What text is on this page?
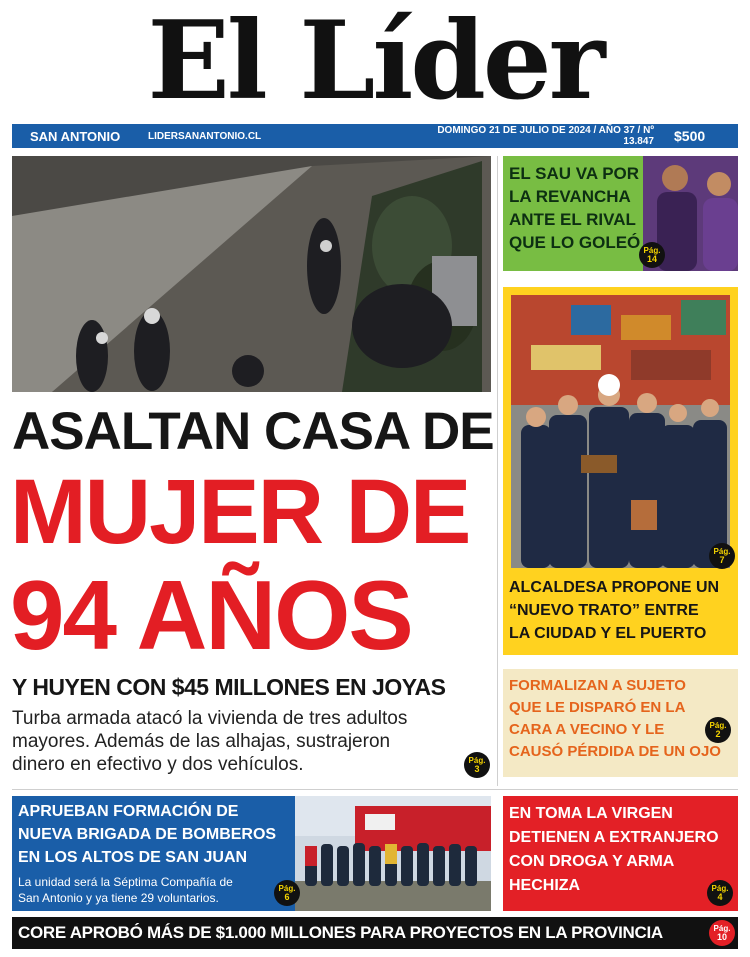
El Líder
SAN ANTONIO	LIDERSANANTONIO.CL	DOMINGO 21 DE JULIO DE 2024 / AÑO 37 / Nº 13.847 $500
ASALTAN CASA DE
MUJER DE
94 AÑOS
Y HUYEN CON $45 MILLONES EN JOYAS
Turba armada atacó la vivienda de tres adultos
mayores. Además de las alhajas, sustrajeron
dinero en efectivo y dos vehículos.	Pág.
3
EL SAU VA POR
LA REVANCHA
ANTE EL RIVAL
QUE LO GOLEÓ Pág.
14
Pág.
7
ALCALDESA PROPONE UN
“NUEVO TRATO” ENTRE
LA CIUDAD Y EL PUERTO
FORMALIZAN A SUJETO
QUE LE DISPARÓ EN LA
CARA A VECINO Y LE
CAUSÓ PÉRDIDA DE UN OJO
Pág.
2
APRUEBAN FORMACIÓN DE
NUEVA BRIGADA DE BOMBEROS
EN LOS ALTOS DE SAN JUAN
La unidad será la Séptima Compañía de
San Antonio y ya tiene 29 voluntarios.
Pág.
6
EN TOMA LA VIRGEN
DETIENEN A EXTRANJERO
CON DROGA Y ARMA
HECHIZA	Pág.
4
CORE APROBÓ MÁS DE $1.000 MILLONES PARA PROYECTOS EN LA PROVINCIA	Pág.
10
